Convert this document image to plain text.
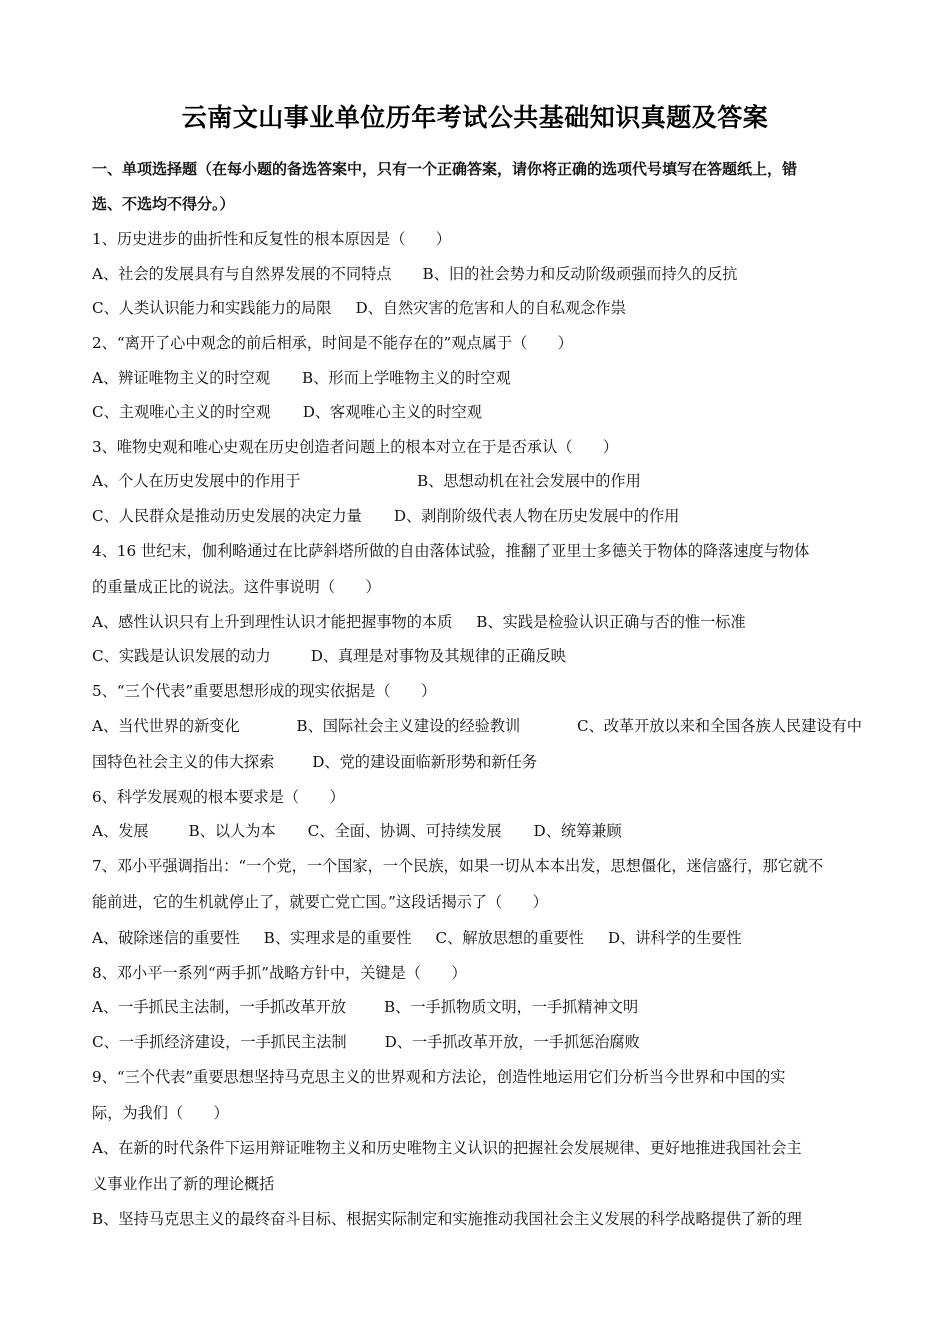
云南文山事业单位历年考试公共基础知识真题及答案
一、单项选择题（在每小题的备选答案中，只有一个正确答案，请你将正确的选项代号填写在答题纸上，错
选、不选均不得分。）
1、历史进步的曲折性和反复性的根本原因是（　　）
A、社会的发展具有与自然界发展的不同特点 B、旧的社会势力和反动阶级顽强而持久的反抗
C、人类认识能力和实践能力的局限 D、自然灾害的危害和人的自私观念作祟
2、“离开了心中观念的前后相承，时间是不能存在的”观点属于（　　）
A、辨证唯物主义的时空观 B、形而上学唯物主义的时空观
C、主观唯心主义的时空观 D、客观唯心主义的时空观
3、唯物史观和唯心史观在历史创造者问题上的根本对立在于是否承认（　　）
A、个人在历史发展中的作用于	B、思想动机在社会发展中的作用
C、人民群众是推动历史发展的决定力量 D、剥削阶级代表人物在历史发展中的作用
4、16 世纪末，伽利略通过在比萨斜塔所做的自由落体试验，推翻了亚里士多德关于物体的降落速度与物体
的重量成正比的说法。这件事说明（　　）
A、感性认识只有上升到理性认识才能把握事物的本质 B、实践是检验认识正确与否的惟一标准
C、实践是认识发展的动力	D、真理是对事物及其规律的正确反映
5、“三个代表”重要思想形成的现实依据是（　　）
A、当代世界的新变化	B、国际社会主义建设的经验教训	C、改革开放以来和全国各族人民建设有中
国特色社会主义的伟大探索	D、党的建设面临新形势和新任务
6、科学发展观的根本要求是（　　）
A、发展	B、以人为本 C、全面、协调、可持续发展 D、统筹兼顾
7、邓小平强调指出：“一个党，一个国家，一个民族，如果一切从本本出发，思想僵化，迷信盛行，那它就不
能前进，它的生机就停止了，就要亡党亡国。”这段话揭示了（　　）
A、破除迷信的重要性 B、实理求是的重要性 C、解放思想的重要性 D、讲科学的生要性
8、邓小平一系列“两手抓”战略方针中，关键是（　　）
A、一手抓民主法制，一手抓改革开放	B、一手抓物质文明，一手抓精神文明
C、一手抓经济建设，一手抓民主法制	D、一手抓改革开放，一手抓惩治腐败
9、“三个代表”重要思想坚持马克思主义的世界观和方法论，创造性地运用它们分析当今世界和中国的实
际，为我们（　　）
A、在新的时代条件下运用辩证唯物主义和历史唯物主义认识的把握社会发展规律、更好地推进我国社会主
义事业作出了新的理论概括
B、坚持马克思主义的最终奋斗目标、根据实际制定和实施推动我国社会主义发展的科学战略提供了新的理
